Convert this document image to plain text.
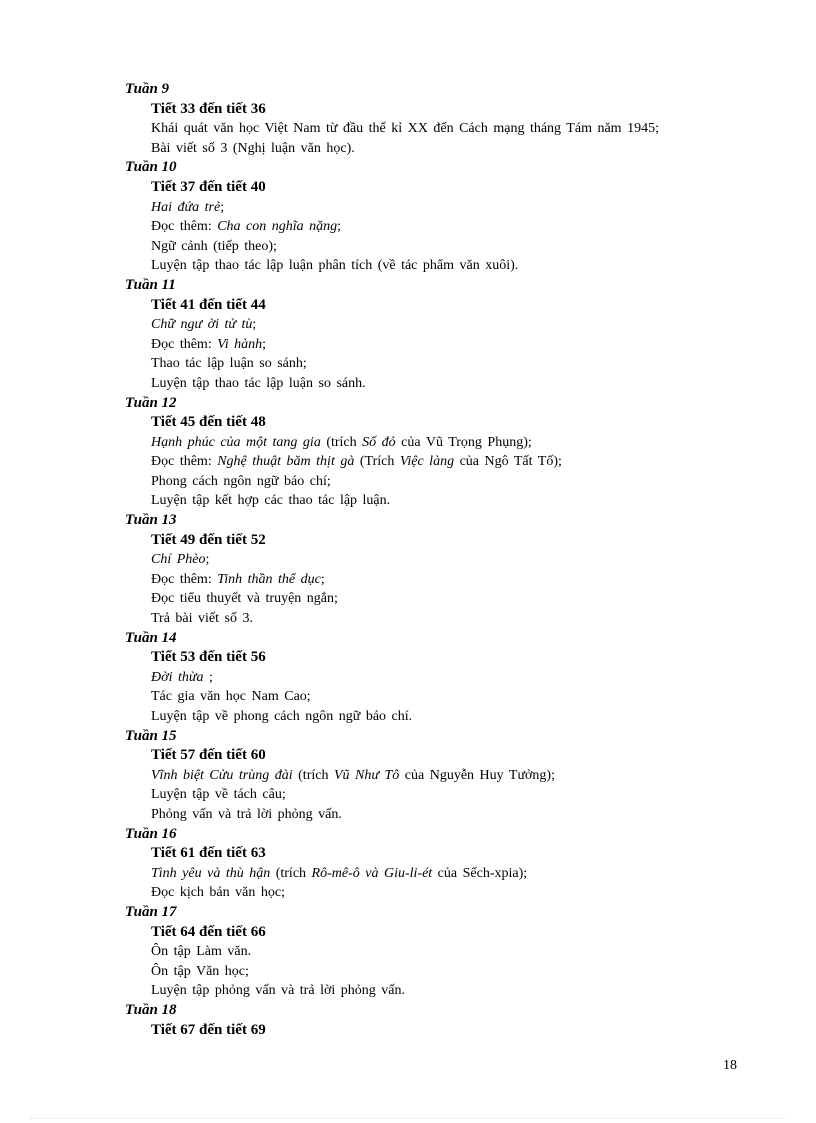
Tuần 9
Tiết 33 đến tiết 36
Khái quát văn học Việt Nam từ đầu thế kỉ XX đến Cách mạng tháng Tám năm 1945;
Bài viết số 3 (Nghị luận văn học).
Tuần 10
Tiết 37 đến tiết 40
Hai đứa trẻ;
Đọc thêm: Cha con nghĩa nặng;
Ngữ cảnh (tiếp theo);
Luyện tập thao tác lập luận phân tích (về tác phẩm văn xuôi).
Tuần 11
Tiết 41 đến tiết 44
Chữ ngư ời tử tù;
Đọc thêm: Vi hành;
Thao tác lập luận so sánh;
Luyện tập thao tác lập luận so sánh.
Tuần 12
Tiết 45 đến tiết 48
Hạnh phúc của một tang gia (trích Số đỏ của Vũ Trọng Phụng);
Đọc thêm: Nghệ thuật băm thịt gà (Trích Việc làng của Ngô Tất Tố);
Phong cách ngôn ngữ báo chí;
Luyện tập kết hợp các thao tác lập luận.
Tuần 13
Tiết 49 đến tiết 52
Chí Phèo;
Đọc thêm: Tinh thần thể dục;
Đọc tiểu thuyết và truyện ngắn;
Trả bài viết số 3.
Tuần 14
Tiết 53 đến tiết 56
Đời thừa ;
Tác gia văn học Nam Cao;
Luyện tập về phong cách ngôn ngữ báo chí.
Tuần 15
Tiết 57 đến tiết 60
Vĩnh biệt Cửu trùng đài (trích Vũ Như Tô của Nguyễn Huy Tưởng);
Luyện tập về tách câu;
Phỏng vấn và trả lời phỏng vấn.
Tuần 16
Tiết 61 đến tiết 63
Tình yêu và thù hận (trích Rô-mê-ô và Giu-li-ét của Sếch-xpia);
Đọc kịch bản văn học;
Tuần 17
Tiết 64 đến tiết 66
Ôn tập Làm văn.
Ôn tập Văn học;
Luyện tập phỏng vấn và trả lời phỏng vấn.
Tuần 18
Tiết 67 đến tiết 69
18
